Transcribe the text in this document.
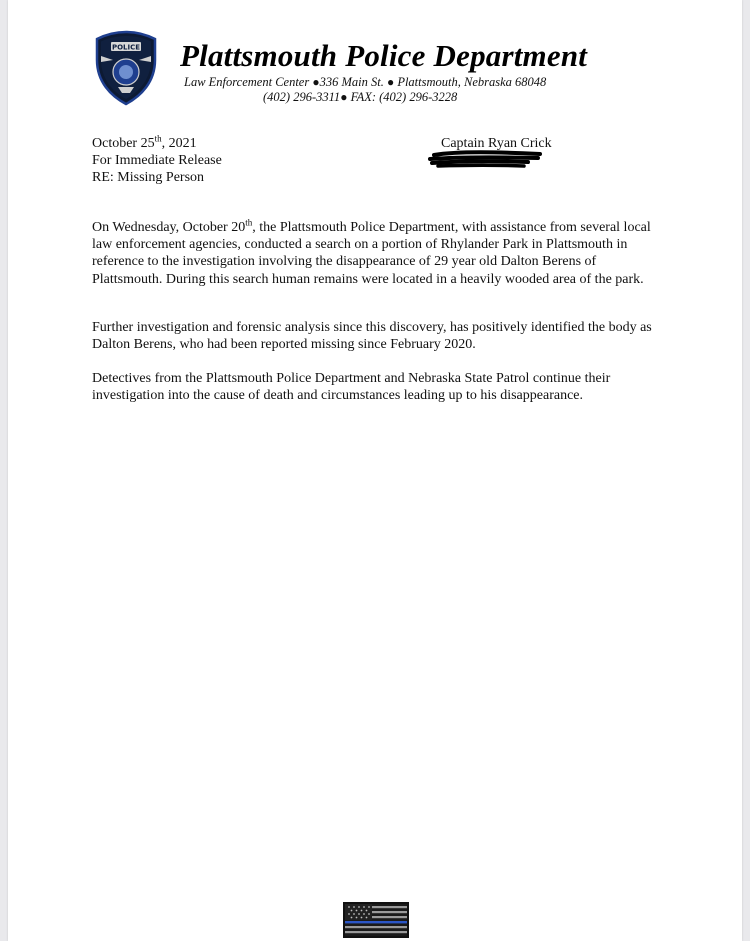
POLICE Plattsmouth Police Department
Law Enforcement Center ●336 Main St. ● Plattsmouth, Nebraska 68048
(402) 296-3311● FAX: (402) 296-3228
October 25th, 2021
For Immediate Release
RE: Missing Person
Captain Ryan Crick

On Wednesday, October 20th, the Plattsmouth Police Department, with assistance from several local law enforcement agencies, conducted a search on a portion of Rhylander Park in Plattsmouth in reference to the investigation involving the disappearance of 29 year old Dalton Berens of Plattsmouth. During this search human remains were located in a heavily wooded area of the park.

Further investigation and forensic analysis since this discovery, has positively identified the body as Dalton Berens, who had been reported missing since February 2020.

Detectives from the Plattsmouth Police Department and Nebraska State Patrol continue their investigation into the cause of death and circumstances leading up to his disappearance.
